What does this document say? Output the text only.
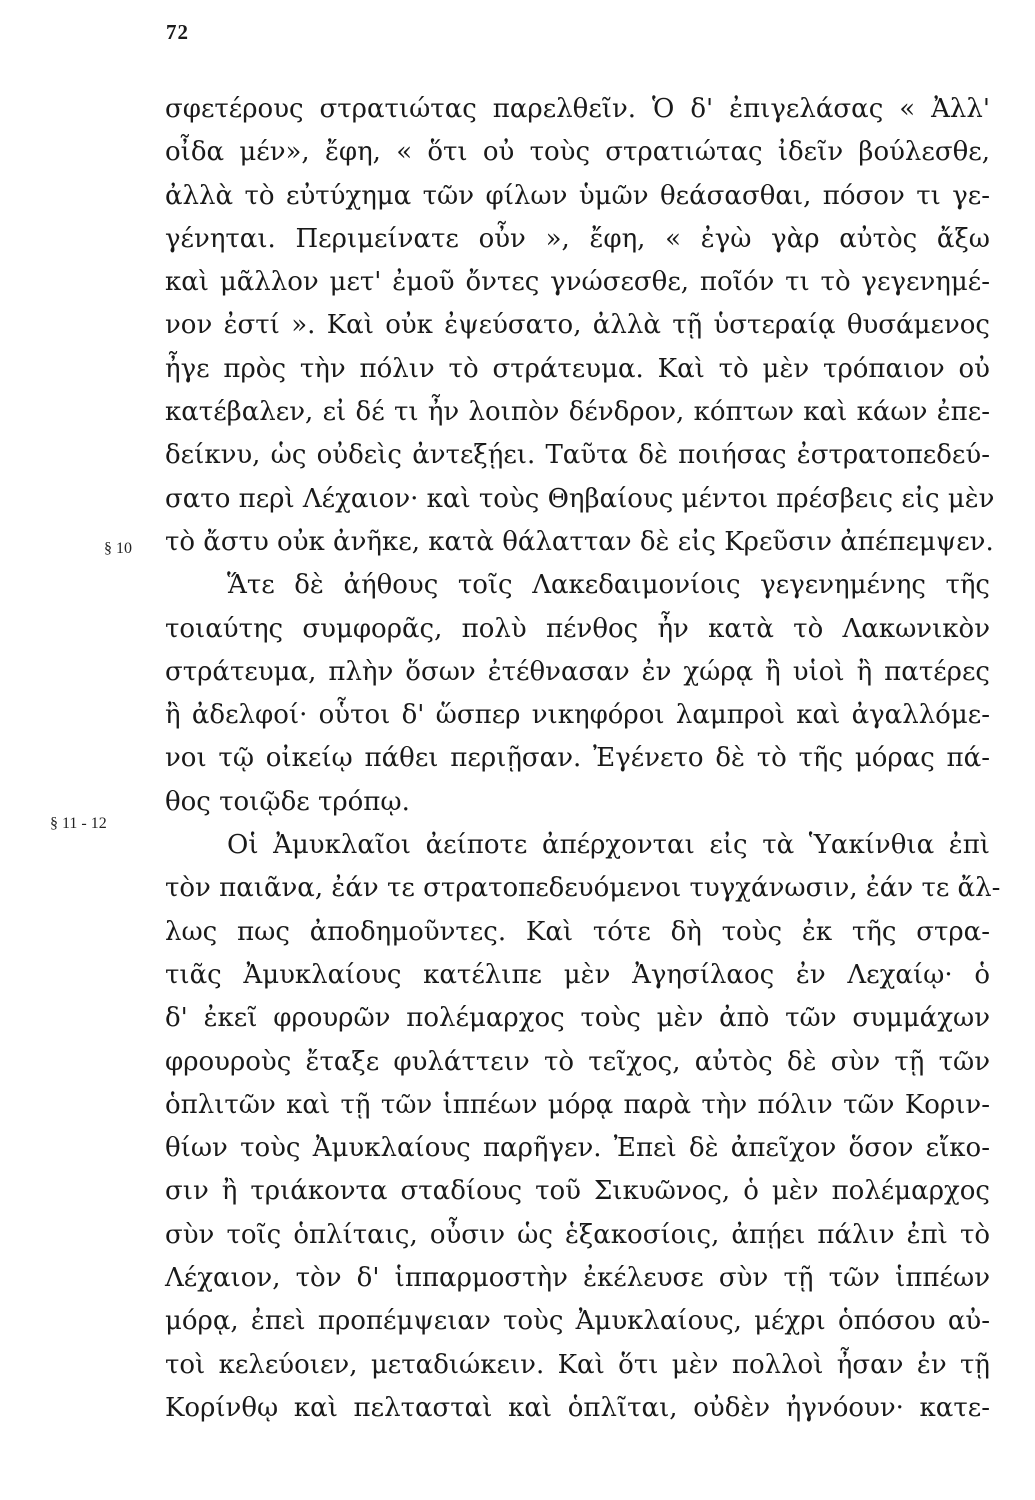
72
§ 10
§ 11 - 12
σφετέρους στρατιώτας παρελθεῖν. Ὁ δ' ἐπιγελάσας « Ἀλλ'
οἶδα μέν», ἔφη, « ὅτι οὐ τοὺς στρατιώτας ἰδεῖν βούλεσθε,
ἀλλὰ τὸ εὐτύχημα τῶν φίλων ὑμῶν θεάσασθαι, πόσον τι γε-
γένηται. Περιμείνατε οὖν », ἔφη, « ἐγὼ γὰρ αὐτὸς ἄξω
καὶ μᾶλλον μετ' ἐμοῦ ὄντες γνώσεσθε, ποῖόν τι τὸ γεγενημέ-
νον ἐστί ». Καὶ οὐκ ἐψεύσατο, ἀλλὰ τῇ ὑστεραίᾳ θυσάμενος
ἦγε πρὸς τὴν πόλιν τὸ στράτευμα. Καὶ τὸ μὲν τρόπαιον οὐ
κατέβαλεν, εἰ δέ τι ἦν λοιπὸν δένδρον, κόπτων καὶ κάων ἐπε-
δείκνυ, ὡς οὐδεὶς ἀντεξῄει. Ταῦτα δὲ ποιήσας ἐστρατοπεδεύ-
σατο περὶ Λέχαιον· καὶ τοὺς Θηβαίους μέντοι πρέσβεις εἰς μὲν
τὸ ἄστυ οὐκ ἀνῆκε, κατὰ θάλατταν δὲ εἰς Κρεῦσιν ἀπέπεμψεν.
Ἅτε δὲ ἀήθους τοῖς Λακεδαιμονίοις γεγενημένης τῆς
τοιαύτης συμφορᾶς, πολὺ πένθος ἦν κατὰ τὸ Λακωνικὸν
στράτευμα, πλὴν ὅσων ἐτέθνασαν ἐν χώρᾳ ἢ υἱοὶ ἢ πατέρες
ἢ ἀδελφοί· οὗτοι δ' ὥσπερ νικηφόροι λαμπροὶ καὶ ἀγαλλόμε-
νοι τῷ οἰκείῳ πάθει περιῇσαν. Ἐγένετο δὲ τὸ τῆς μόρας πά-
θος τοιῷδε τρόπῳ.
Οἱ Ἀμυκλαῖοι ἀείποτε ἀπέρχονται εἰς τὰ Ὑακίνθια ἐπὶ
τὸν παιᾶνα, ἐάν τε στρατοπεδευόμενοι τυγχάνωσιν, ἐάν τε ἄλ-
λως πως ἀποδημοῦντες. Καὶ τότε δὴ τοὺς ἐκ τῆς στρα-
τιᾶς Ἀμυκλαίους κατέλιπε μὲν Ἀγησίλαος ἐν Λεχαίῳ· ὁ
δ' ἐκεῖ φρουρῶν πολέμαρχος τοὺς μὲν ἀπὸ τῶν συμμάχων
φρουροὺς ἔταξε φυλάττειν τὸ τεῖχος, αὐτὸς δὲ σὺν τῇ τῶν
ὁπλιτῶν καὶ τῇ τῶν ἱππέων μόρᾳ παρὰ τὴν πόλιν τῶν Κοριν-
θίων τοὺς Ἀμυκλαίους παρῆγεν. Ἐπεὶ δὲ ἀπεῖχον ὅσον εἴκο-
σιν ἢ τριάκοντα σταδίους τοῦ Σικυῶνος, ὁ μὲν πολέμαρχος
σὺν τοῖς ὁπλίταις, οὖσιν ὡς ἑξακοσίοις, ἀπῄει πάλιν ἐπὶ τὸ
Λέχαιον, τὸν δ' ἱππαρμοστὴν ἐκέλευσε σὺν τῇ τῶν ἱππέων
μόρᾳ, ἐπεὶ προπέμψειαν τοὺς Ἀμυκλαίους, μέχρι ὁπόσου αὐ-
τοὶ κελεύοιεν, μεταδιώκειν. Καὶ ὅτι μὲν πολλοὶ ἦσαν ἐν τῇ
Κορίνθῳ καὶ πελτασταὶ καὶ ὁπλῖται, οὐδὲν ἠγνόουν· κατε-
